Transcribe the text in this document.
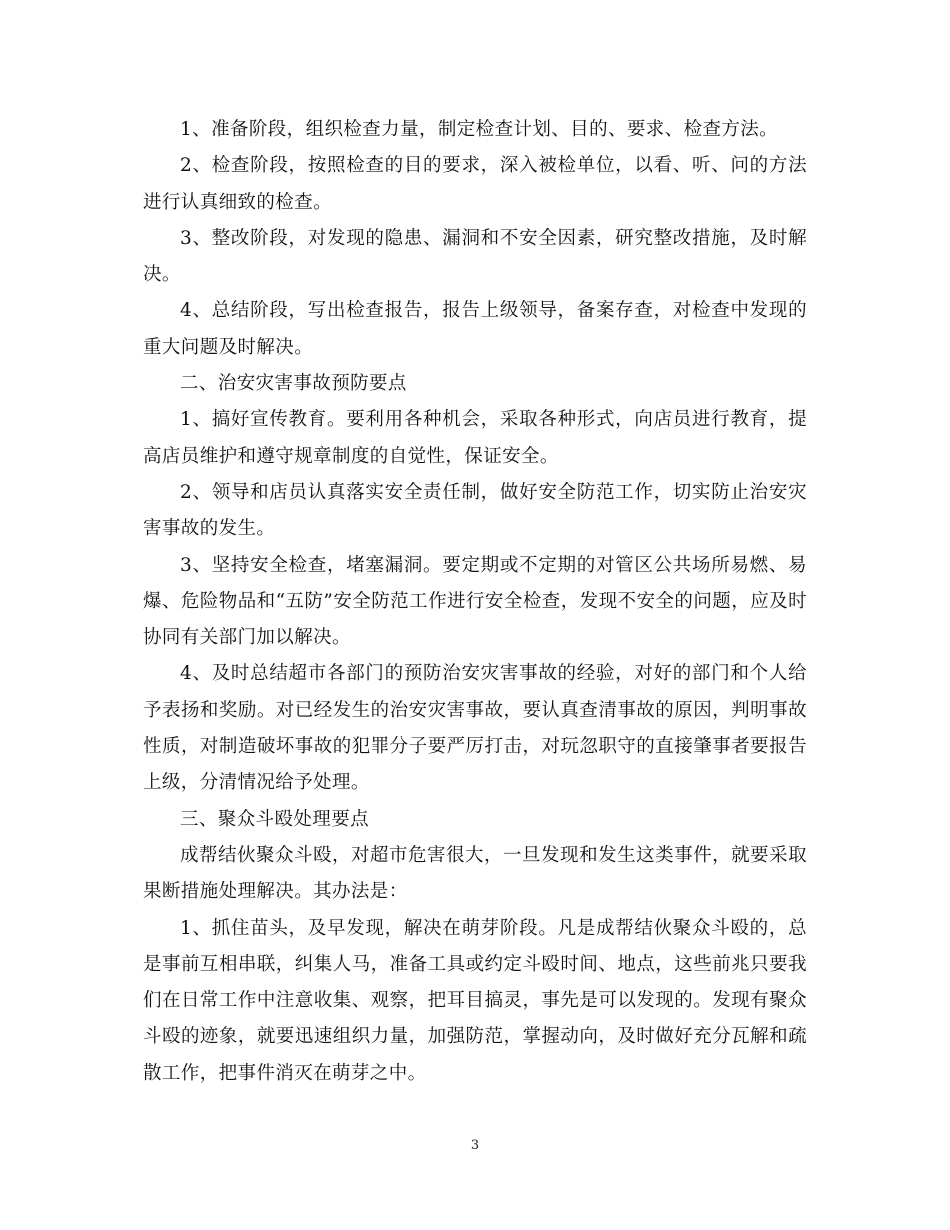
1、准备阶段，组织检查力量，制定检查计划、目的、要求、检查方法。

2、检查阶段，按照检查的目的要求，深入被检单位，以看、听、问的方法进行认真细致的检查。

3、整改阶段，对发现的隐患、漏洞和不安全因素，研究整改措施，及时解决。

4、总结阶段，写出检查报告，报告上级领导，备案存查，对检查中发现的重大问题及时解决。

二、治安灾害事故预防要点

1、搞好宣传教育。要利用各种机会，采取各种形式，向店员进行教育，提高店员维护和遵守规章制度的自觉性，保证安全。

2、领导和店员认真落实安全责任制，做好安全防范工作，切实防止治安灾害事故的发生。

3、坚持安全检查，堵塞漏洞。要定期或不定期的对管区公共场所易燃、易爆、危险物品和“五防”安全防范工作进行安全检查，发现不安全的问题，应及时协同有关部门加以解决。

4、及时总结超市各部门的预防治安灾害事故的经验，对好的部门和个人给予表扬和奖励。对已经发生的治安灾害事故，要认真查清事故的原因，判明事故性质，对制造破坏事故的犯罪分子要严厉打击，对玩忽职守的直接肇事者要报告上级，分清情况给予处理。

三、聚众斗殴处理要点

成帮结伙聚众斗殴，对超市危害很大，一旦发现和发生这类事件，就要采取果断措施处理解决。其办法是：

1、抓住苗头，及早发现，解决在萌芽阶段。凡是成帮结伙聚众斗殴的，总是事前互相串联，纠集人马，准备工具或约定斗殴时间、地点，这些前兆只要我们在日常工作中注意收集、观察，把耳目搞灵，事先是可以发现的。发现有聚众斗殴的迹象，就要迅速组织力量，加强防范，掌握动向，及时做好充分瓦解和疏散工作，把事件消灭在萌芽之中。

3
